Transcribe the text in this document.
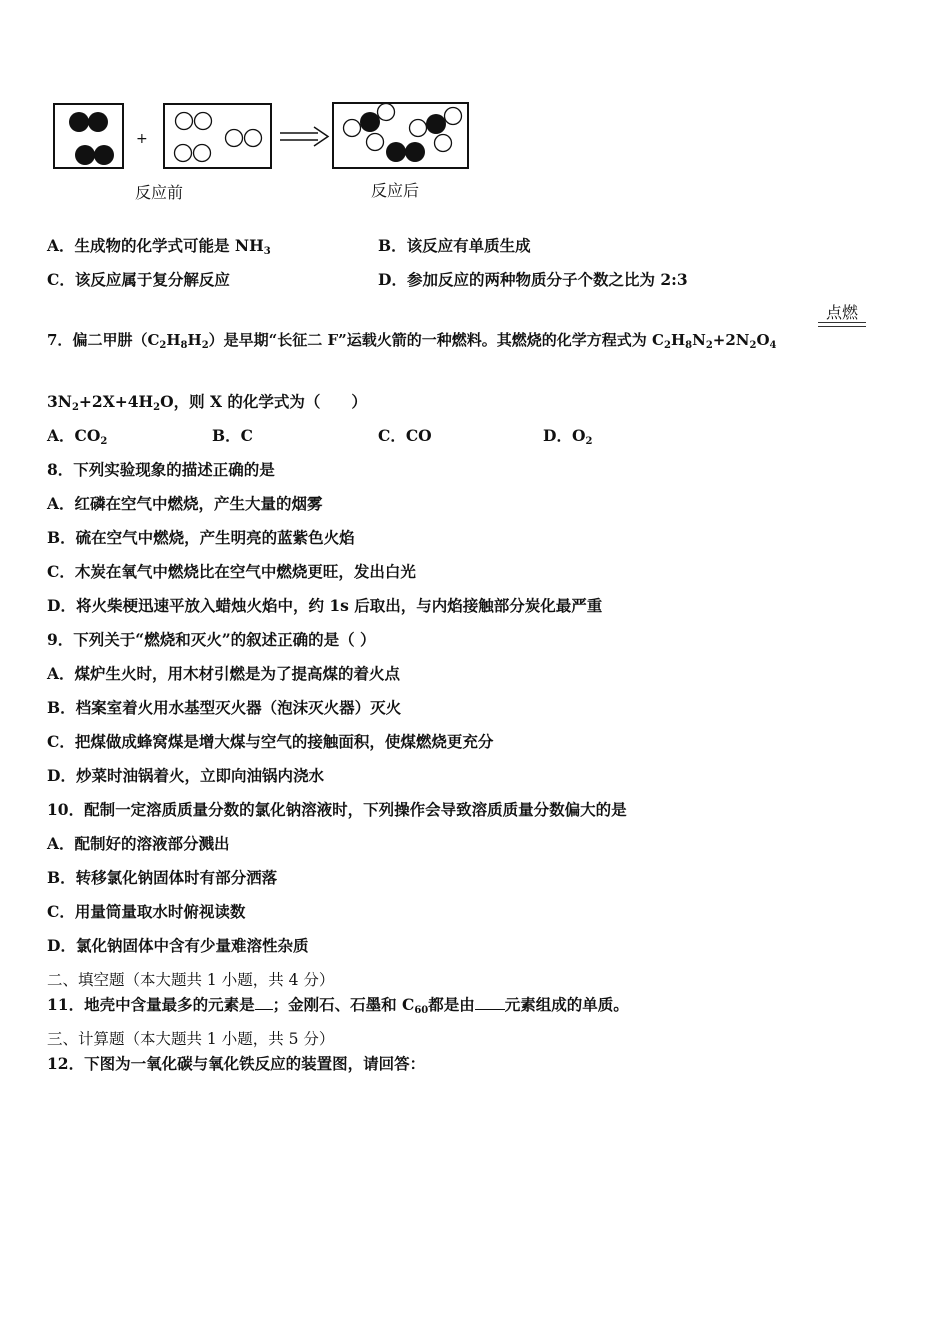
+
反应前	反应后
A．生成物的化学式可能是 $NH_3$	B．该反应有单质生成
C．该反应属于复分解反应	D．参加反应的两种物质分子个数之比为 2:3
7．偏二甲肼$(C_2H_8H_2)$是早期“长征二 F”运载火箭的一种燃料。其燃烧的化学方程式为 $C_2H_8N_2+2N_2O_4$
点燃
$3N_2+2X+4H_2O$，则 X 的化学式为（　　）
A．$CO_2$	B．C	C．CO	D．$O_2$
8．下列实验现象的描述正确的是
A．红磷在空气中燃烧，产生大量的烟雾
B．硫在空气中燃烧，产生明亮的蓝紫色火焰
C．木炭在氧气中燃烧比在空气中燃烧更旺，发出白光
D．将火柴梗迅速平放入蜡烛火焰中，约 1s 后取出，与内焰接触部分炭化最严重
9．下列关于“燃烧和灭火”的叙述正确的是（ ）
A．煤炉生火时，用木材引燃是为了提高煤的着火点
B．档案室着火用水基型灭火器（泡沫灭火器）灭火
C．把煤做成蜂窝煤是增大煤与空气的接触面积，使煤燃烧更充分
D．炒菜时油锅着火，立即向油锅内浇水
10．配制一定溶质质量分数的氯化钠溶液时，下列操作会导致溶质质量分数偏大的是
A．配制好的溶液部分溅出
B．转移氯化钠固体时有部分洒落
C．用量筒量取水时俯视读数
D．氯化钠固体中含有少量难溶性杂质
二、填空题（本大题共 1 小题，共 4 分）
11．地壳中含量最多的元素是 ；金刚石、石墨和 $C_{60}$都是由 元素组成的单质。
三、计算题（本大题共 1 小题，共 5 分）
12．下图为一氧化碳与氧化铁反应的装置图，请回答：
